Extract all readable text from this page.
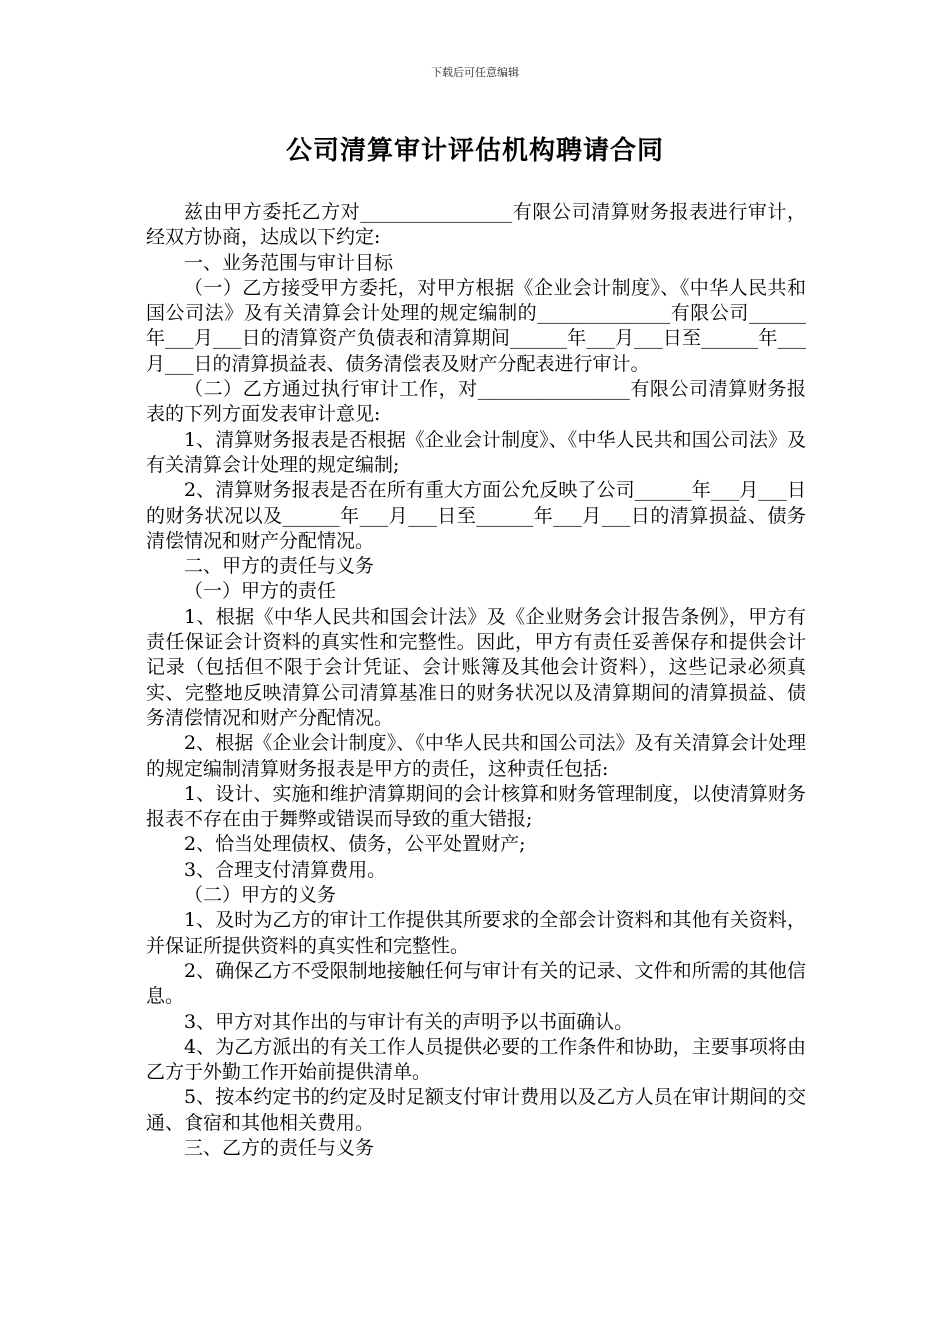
下载后可任意编辑
公司清算审计评估机构聘请合同

兹由甲方委托乙方对________________有限公司清算财务报表进行审计，经双方协商，达成以下约定:

一、业务范围与审计目标

（一）乙方接受甲方委托，对甲方根据《企业会计制度》、《中华人民共和国公司法》及有关清算会计处理的规定编制的______________有限公司______年___月___日的清算资产负债表和清算期间______年___月___日至______年___月___日的清算损益表、债务清偿表及财产分配表进行审计。

（二）乙方通过执行审计工作，对________________有限公司清算财务报表的下列方面发表审计意见:

1、清算财务报表是否根据《企业会计制度》、《中华人民共和国公司法》及有关清算会计处理的规定编制;

2、清算财务报表是否在所有重大方面公允反映了公司______年___月___日的财务状况以及______年___月___日至______年___月___日的清算损益、债务清偿情况和财产分配情况。

二、甲方的责任与义务

（一）甲方的责任

1、根据《中华人民共和国会计法》及《企业财务会计报告条例》，甲方有责任保证会计资料的真实性和完整性。因此，甲方有责任妥善保存和提供会计记录（包括但不限于会计凭证、会计账簿及其他会计资料），这些记录必须真实、完整地反映清算公司清算基准日的财务状况以及清算期间的清算损益、债务清偿情况和财产分配情况。

2、根据《企业会计制度》、《中华人民共和国公司法》及有关清算会计处理的规定编制清算财务报表是甲方的责任，这种责任包括:

1、设计、实施和维护清算期间的会计核算和财务管理制度，以使清算财务报表不存在由于舞弊或错误而导致的重大错报;

2、恰当处理债权、债务，公平处置财产;

3、合理支付清算费用。

（二）甲方的义务

1、及时为乙方的审计工作提供其所要求的全部会计资料和其他有关资料，并保证所提供资料的真实性和完整性。

2、确保乙方不受限制地接触任何与审计有关的记录、文件和所需的其他信息。

3、甲方对其作出的与审计有关的声明予以书面确认。

4、为乙方派出的有关工作人员提供必要的工作条件和协助，主要事项将由乙方于外勤工作开始前提供清单。

5、按本约定书的约定及时足额支付审计费用以及乙方人员在审计期间的交通、食宿和其他相关费用。

三、乙方的责任与义务
